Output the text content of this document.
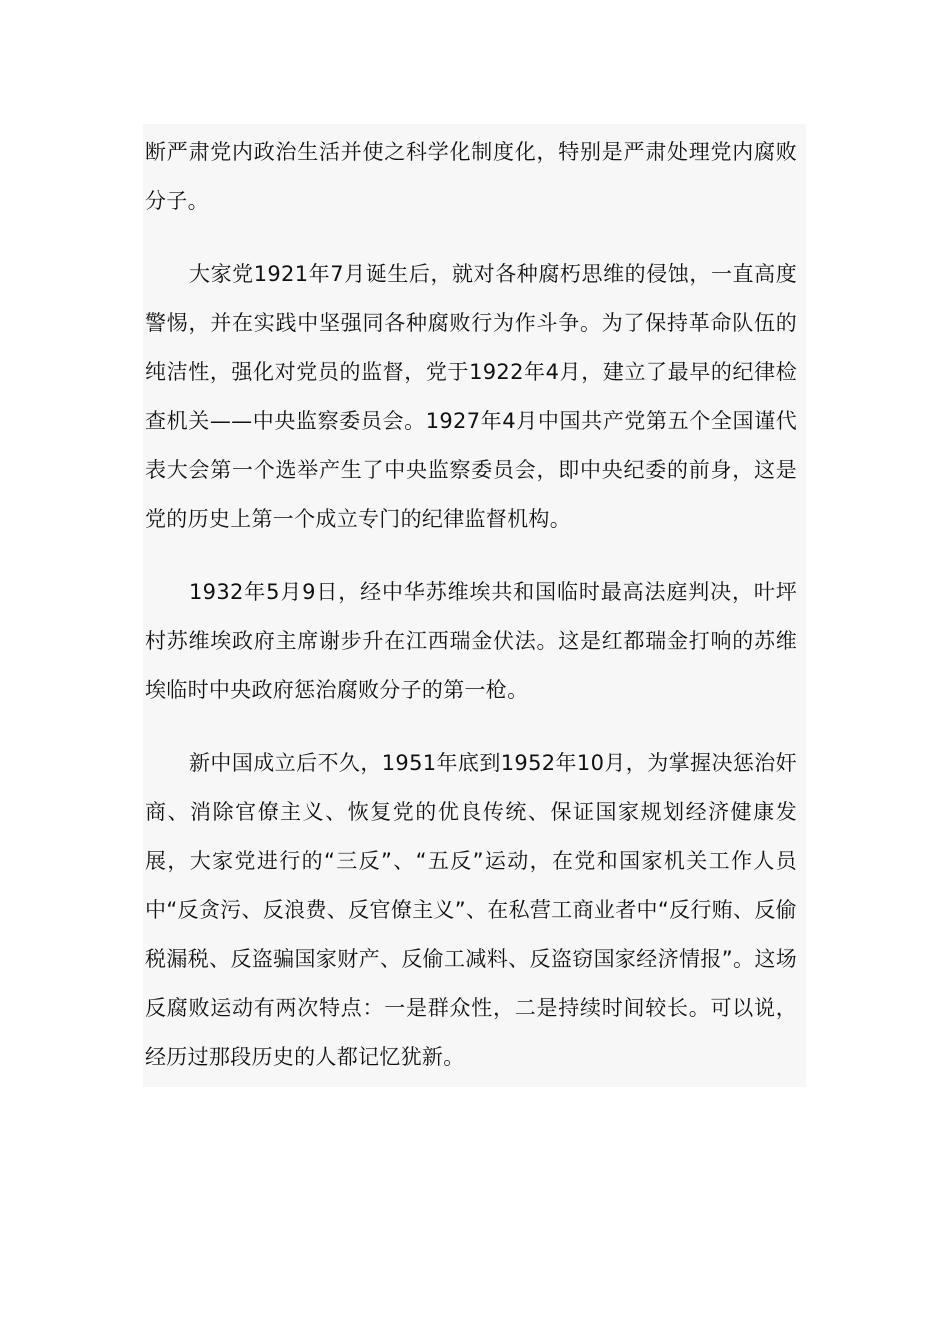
断严肃党内政治生活并使之科学化制度化，特别是严肃处理党内腐败分子。

大家党1921年7月诞生后，就对各种腐朽思维的侵蚀，一直高度警惕，并在实践中坚强同各种腐败行为作斗争。为了保持革命队伍的纯洁性，强化对党员的监督，党于1922年4月，建立了最早的纪律检查机关——中央监察委员会。1927年4月中国共产党第五个全国谨代表大会第一个选举产生了中央监察委员会，即中央纪委的前身，这是党的历史上第一个成立专门的纪律监督机构。

1932年5月9日，经中华苏维埃共和国临时最高法庭判决，叶坪村苏维埃政府主席谢步升在江西瑞金伏法。这是红都瑞金打响的苏维埃临时中央政府惩治腐败分子的第一枪。

新中国成立后不久，1951年底到1952年10月，为掌握决惩治奸商、消除官僚主义、恢复党的优良传统、保证国家规划经济健康发展，大家党进行的“三反”、“五反”运动，在党和国家机关工作人员中“反贪污、反浪费、反官僚主义”、在私营工商业者中“反行贿、反偷税漏税、反盗骗国家财产、反偷工减料、反盗窃国家经济情报”。这场反腐败运动有两次特点：一是群众性，二是持续时间较长。可以说，经历过那段历史的人都记忆犹新。
